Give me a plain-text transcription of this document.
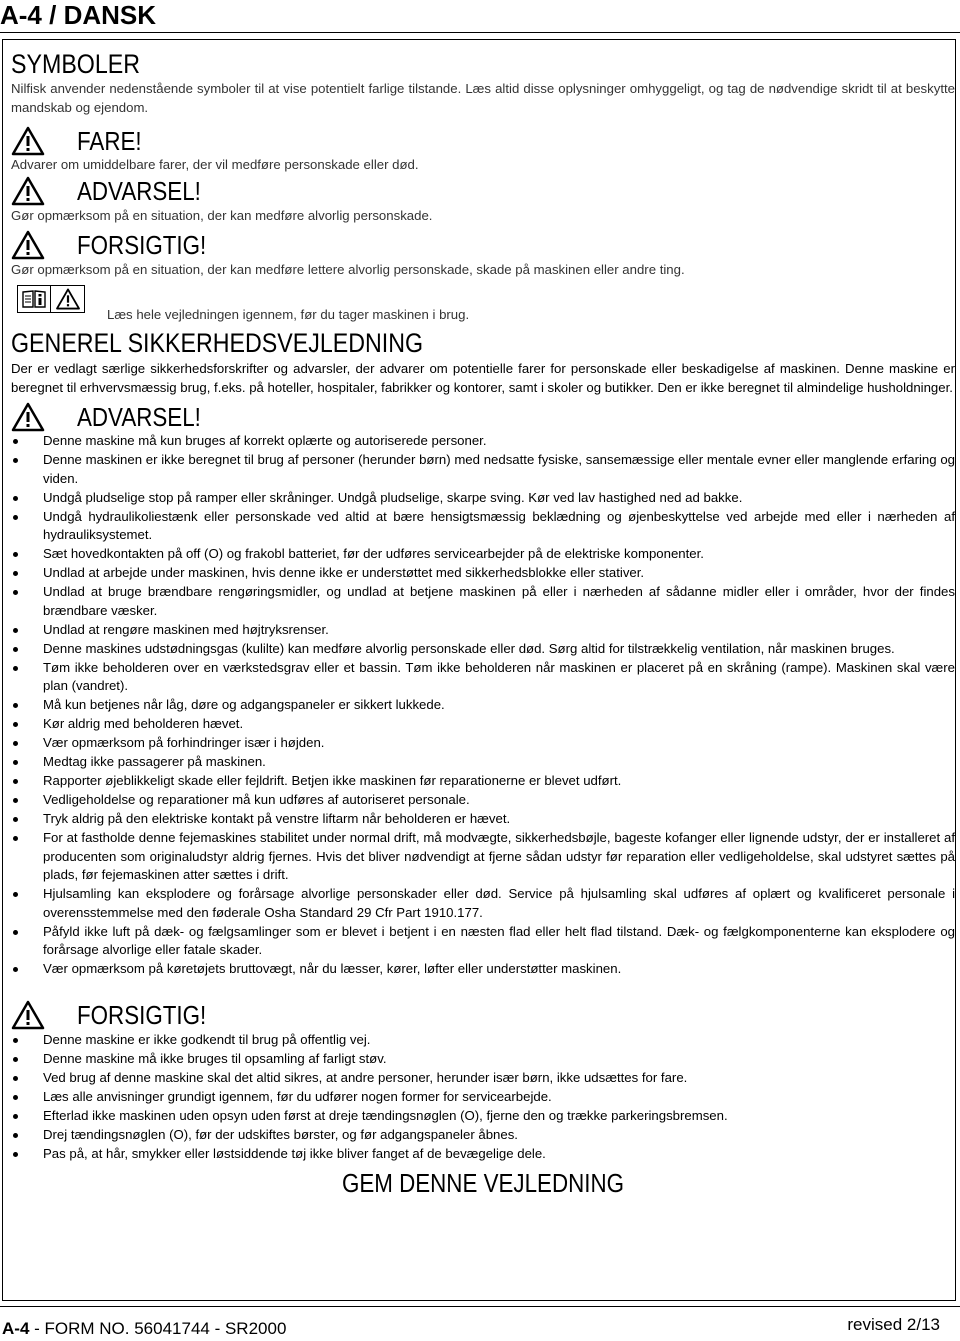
A-4 / DANSK
SYMBOLER
Nilfisk anvender nedenstående symboler til at vise potentielt farlige tilstande. Læs altid disse oplysninger omhyggeligt, og tag de nødvendige skridt til at beskytte mandskab og ejendom.
FARE!
Advarer om umiddelbare farer, der vil medføre personskade eller død.
ADVARSEL!
Gør opmærksom på en situation, der kan medføre alvorlig personskade.
FORSIGTIG!
Gør opmærksom på en situation, der kan medføre lettere alvorlig personskade, skade på maskinen eller andre ting.
Læs hele vejledningen igennem, før du tager maskinen i brug.
GENEREL SIKKERHEDSVEJLEDNING
Der er vedlagt særlige sikkerhedsforskrifter og advarsler, der advarer om potentielle farer for personskade eller beskadigelse af maskinen. Denne maskine er beregnet til erhvervsmæssig brug, f.eks. på hoteller, hospitaler, fabrikker og kontorer, samt i skoler og butikker. Den er ikke beregnet til almindelige husholdninger.
ADVARSEL!
Denne maskine må kun bruges af korrekt oplærte og autoriserede personer.
Denne maskinen er ikke beregnet til brug af personer (herunder børn) med nedsatte fysiske, sansemæssige eller mentale evner eller manglende erfaring og viden.
Undgå pludselige stop på ramper eller skråninger. Undgå pludselige, skarpe sving. Kør ved lav hastighed ned ad bakke.
Undgå hydraulikoliestænk eller personskade ved altid at bære hensigtsmæssig beklædning og øjenbeskyttelse ved arbejde med eller i nærheden af hydrauliksystemet.
Sæt hovedkontakten på off (O) og frakobl batteriet, før der udføres servicearbejder på de elektriske komponenter.
Undlad at arbejde under maskinen, hvis denne ikke er understøttet med sikkerhedsblokke eller stativer.
Undlad at bruge brændbare rengøringsmidler, og undlad at betjene maskinen på eller i nærheden af sådanne midler eller i områder, hvor der findes brændbare væsker.
Undlad at rengøre maskinen med højtryksrenser.
Denne maskines udstødningsgas (kulilte) kan medføre alvorlig personskade eller død. Sørg altid for tilstrækkelig ventilation, når maskinen bruges.
Tøm ikke beholderen over en værkstedsgrav eller et bassin. Tøm ikke beholderen når maskinen er placeret på en skråning (rampe). Maskinen skal være plan (vandret).
Må kun betjenes når låg, døre og adgangspaneler er sikkert lukkede.
Kør aldrig med beholderen hævet.
Vær opmærksom på forhindringer især i højden.
Medtag ikke passagerer på maskinen.
Rapporter øjeblikkeligt skade eller fejldrift. Betjen ikke maskinen før reparationerne er blevet udført.
Vedligeholdelse og reparationer må kun udføres af autoriseret personale.
Tryk aldrig på den elektriske kontakt på venstre liftarm når beholderen er hævet.
For at fastholde denne fejemaskines stabilitet under normal drift, må modvægte, sikkerhedsbøjle, bageste kofanger eller lignende udstyr, der er installeret af producenten som originaludstyr aldrig fjernes. Hvis det bliver nødvendigt at fjerne sådan udstyr før reparation eller vedligeholdelse, skal udstyret sættes på plads, før fejemaskinen atter sættes i drift.
Hjulsamling kan eksplodere og forårsage alvorlige personskader eller død. Service på hjulsamling skal udføres af oplært og kvalificeret personale i overensstemmelse med den føderale Osha Standard 29 Cfr Part 1910.177.
Påfyld ikke luft på dæk- og fælgsamlinger som er blevet i betjent i en næsten flad eller helt flad tilstand. Dæk- og fælgkomponenterne kan eksplodere og forårsage alvorlige eller fatale skader.
Vær opmærksom på køretøjets bruttovægt, når du læsser, kører, løfter eller understøtter maskinen.
FORSIGTIG!
Denne maskine er ikke godkendt til brug på offentlig vej.
Denne maskine må ikke bruges til opsamling af farligt støv.
Ved brug af denne maskine skal det altid sikres, at andre personer, herunder især børn, ikke udsættes for fare.
Læs alle anvisninger grundigt igennem, før du udfører nogen former for servicearbejde.
Efterlad ikke maskinen uden opsyn uden først at dreje tændingsnøglen (O), fjerne den og trække parkeringsbremsen.
Drej tændingsnøglen (O), før der udskiftes børster, og før adgangspaneler åbnes.
Pas på, at hår, smykker eller løstsiddende tøj ikke bliver fanget af de bevægelige dele.
GEM DENNE VEJLEDNING
A-4 - FORM NO. 56041744 - SR2000	revised 2/13
